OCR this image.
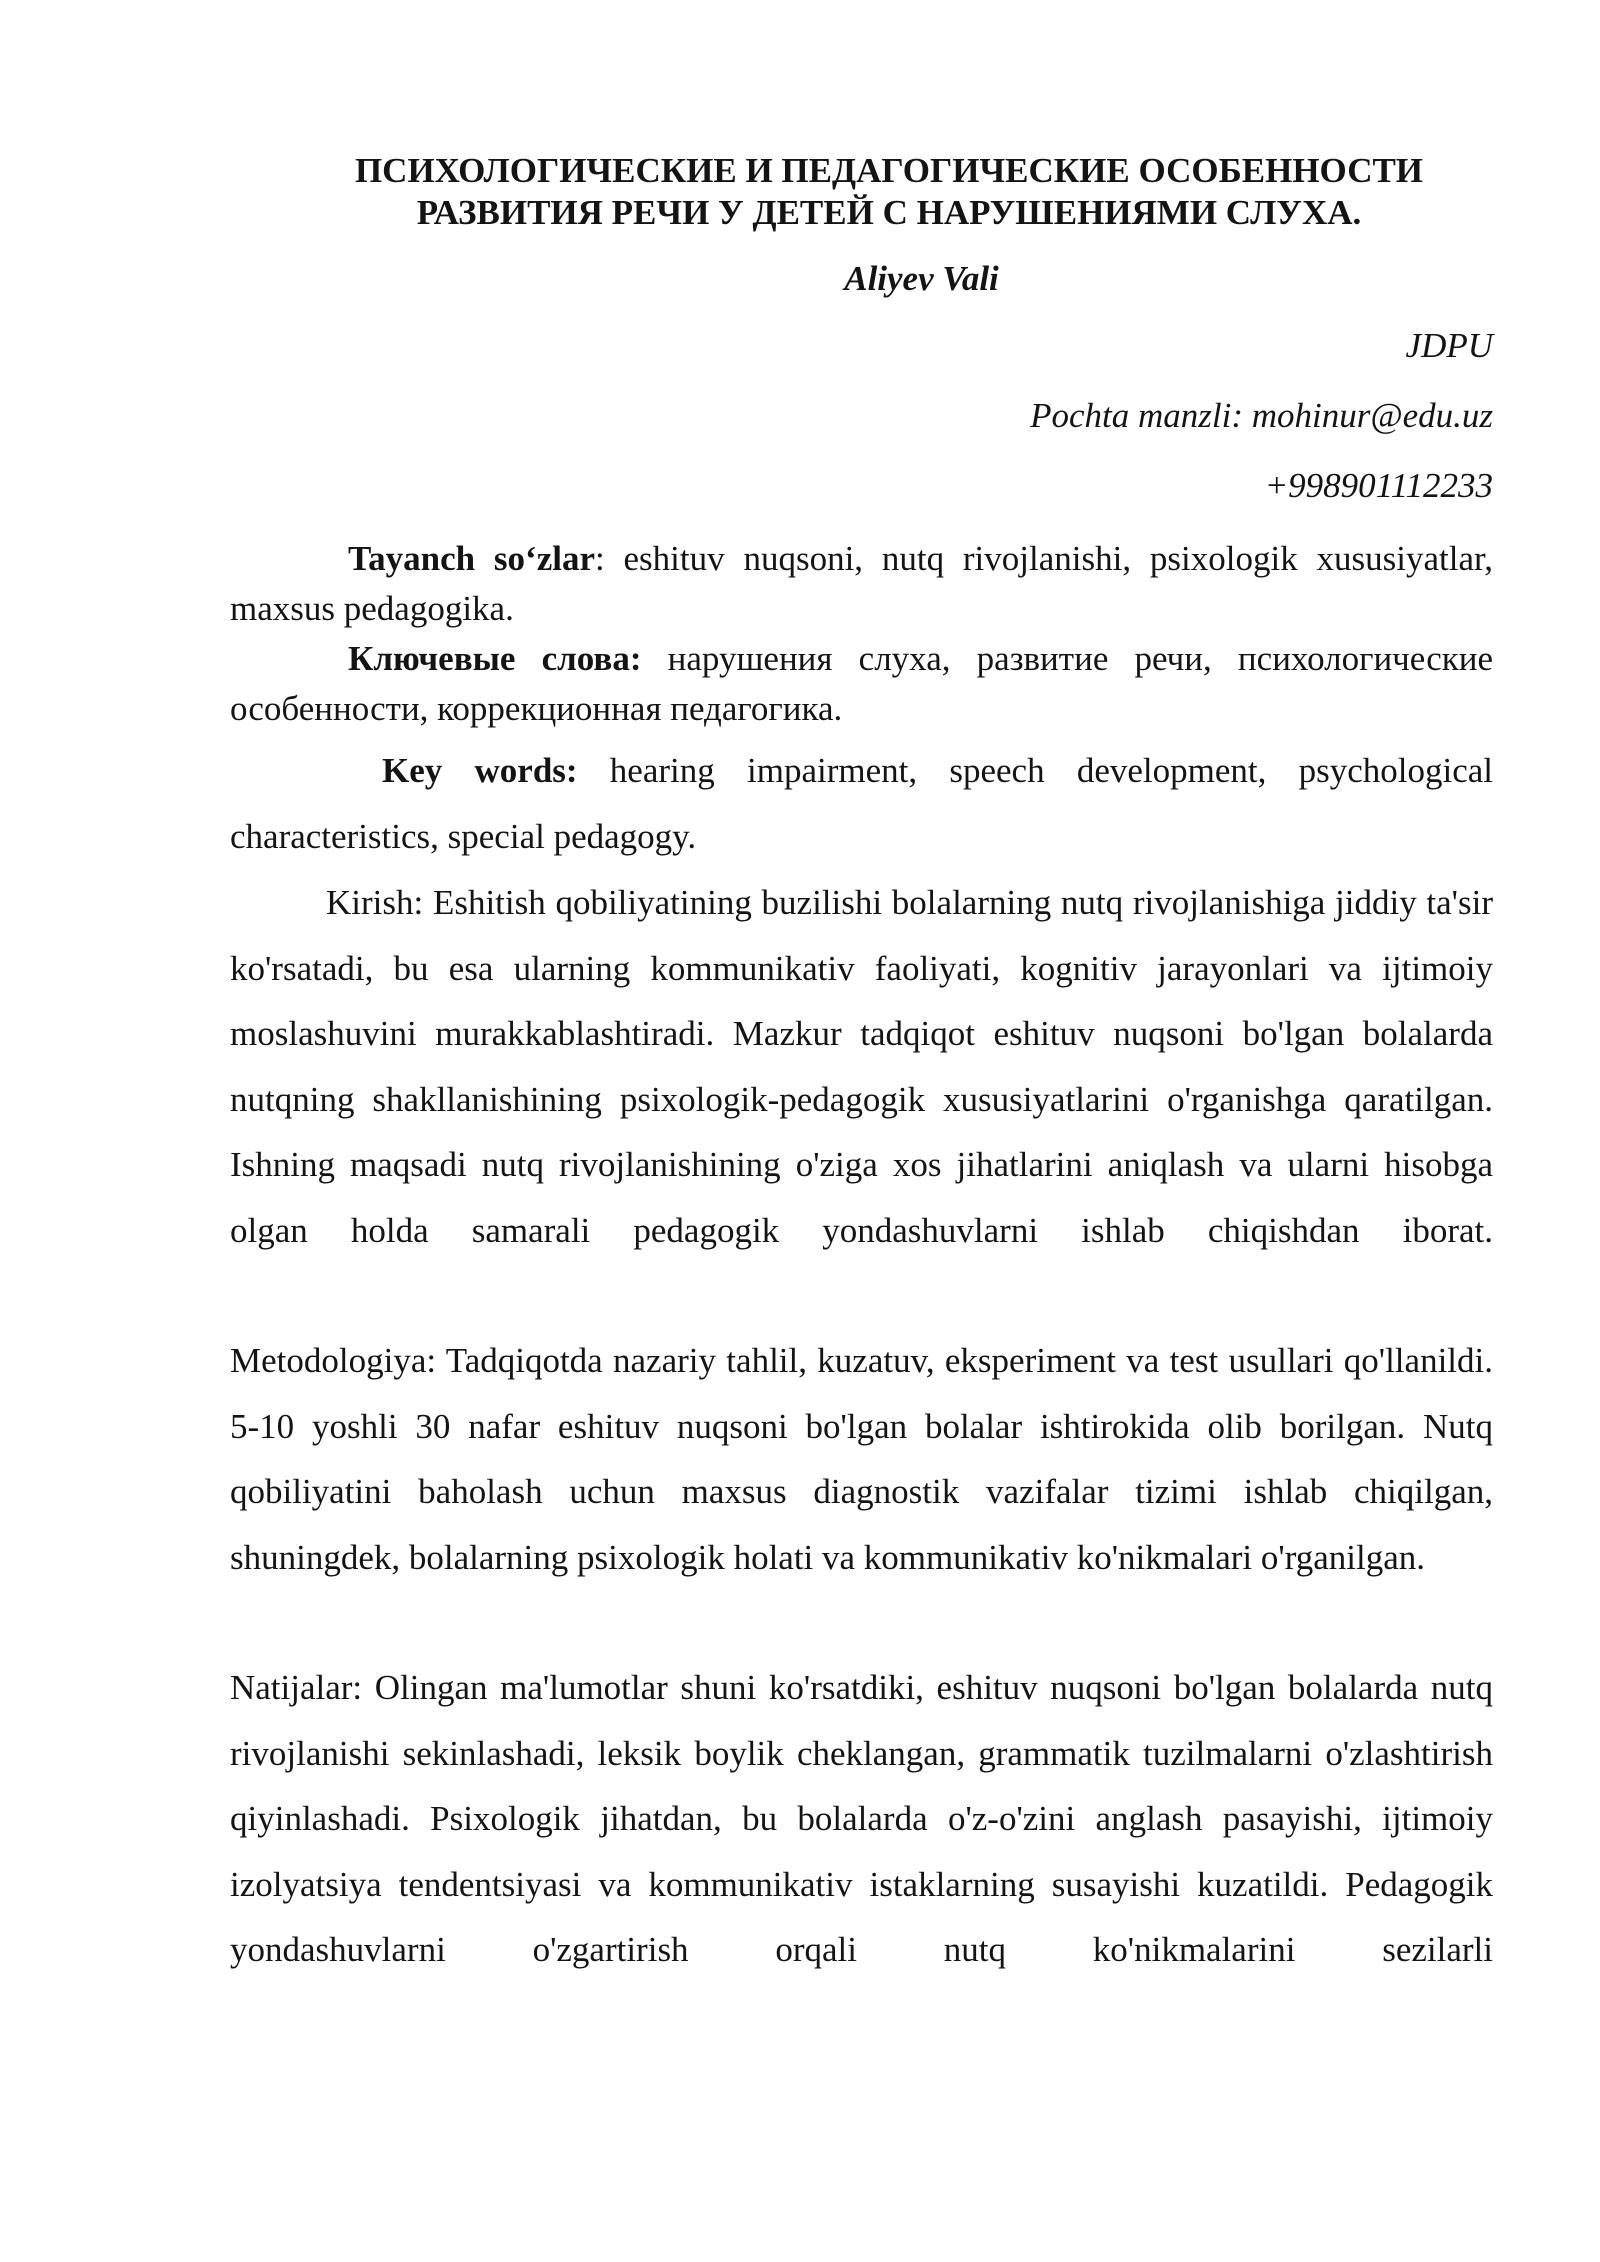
ПСИХОЛОГИЧЕСКИЕ И ПЕДАГОГИЧЕСКИЕ ОСОБЕННОСТИ
РАЗВИТИЯ РЕЧИ У ДЕТЕЙ С НАРУШЕНИЯМИ СЛУХА.
Aliyev Vali
JDPU
Pochta manzli: mohinur@edu.uz
+998901112233

Tayanch so‘zlar: eshituv nuqsoni, nutq rivojlanishi, psixologik xususiyatlar, maxsus pedagogika.

Ключевые слова: нарушения слуха, развитие речи, психологические особенности, коррекционная педагогика.

Key words: hearing impairment, speech development, psychological characteristics, special pedagogy.

Kirish: Eshitish qobiliyatining buzilishi bolalarning nutq rivojlanishiga jiddiy ta'sir ko'rsatadi, bu esa ularning kommunikativ faoliyati, kognitiv jarayonlari va ijtimoiy moslashuvini murakkablashtiradi. Mazkur tadqiqot eshituv nuqsoni bo'lgan bolalarda nutqning shakllanishining psixologik-pedagogik xususiyatlarini o'rganishga qaratilgan. Ishning maqsadi nutq rivojlanishining o'ziga xos jihatlarini aniqlash va ularni hisobga olgan holda samarali pedagogik yondashuvlarni ishlab chiqishdan iborat.

Metodologiya: Tadqiqotda nazariy tahlil, kuzatuv, eksperiment va test usullari qo'llanildi. 5-10 yoshli 30 nafar eshituv nuqsoni bo'lgan bolalar ishtirokida olib borilgan. Nutq qobiliyatini baholash uchun maxsus diagnostik vazifalar tizimi ishlab chiqilgan, shuningdek, bolalarning psixologik holati va kommunikativ ko'nikmalari o'rganilgan.

Natijalar: Olingan ma'lumotlar shuni ko'rsatdiki, eshituv nuqsoni bo'lgan bolalarda nutq rivojlanishi sekinlashadi, leksik boylik cheklangan, grammatik tuzilmalarni o'zlashtirish qiyinlashadi. Psixologik jihatdan, bu bolalarda o'z-o'zini anglash pasayishi, ijtimoiy izolyatsiya tendentsiyasi va kommunikativ istaklarning susayishi kuzatildi. Pedagogik yondashuvlarni o'zgartirish orqali nutq ko'nikmalarini sezilarli
